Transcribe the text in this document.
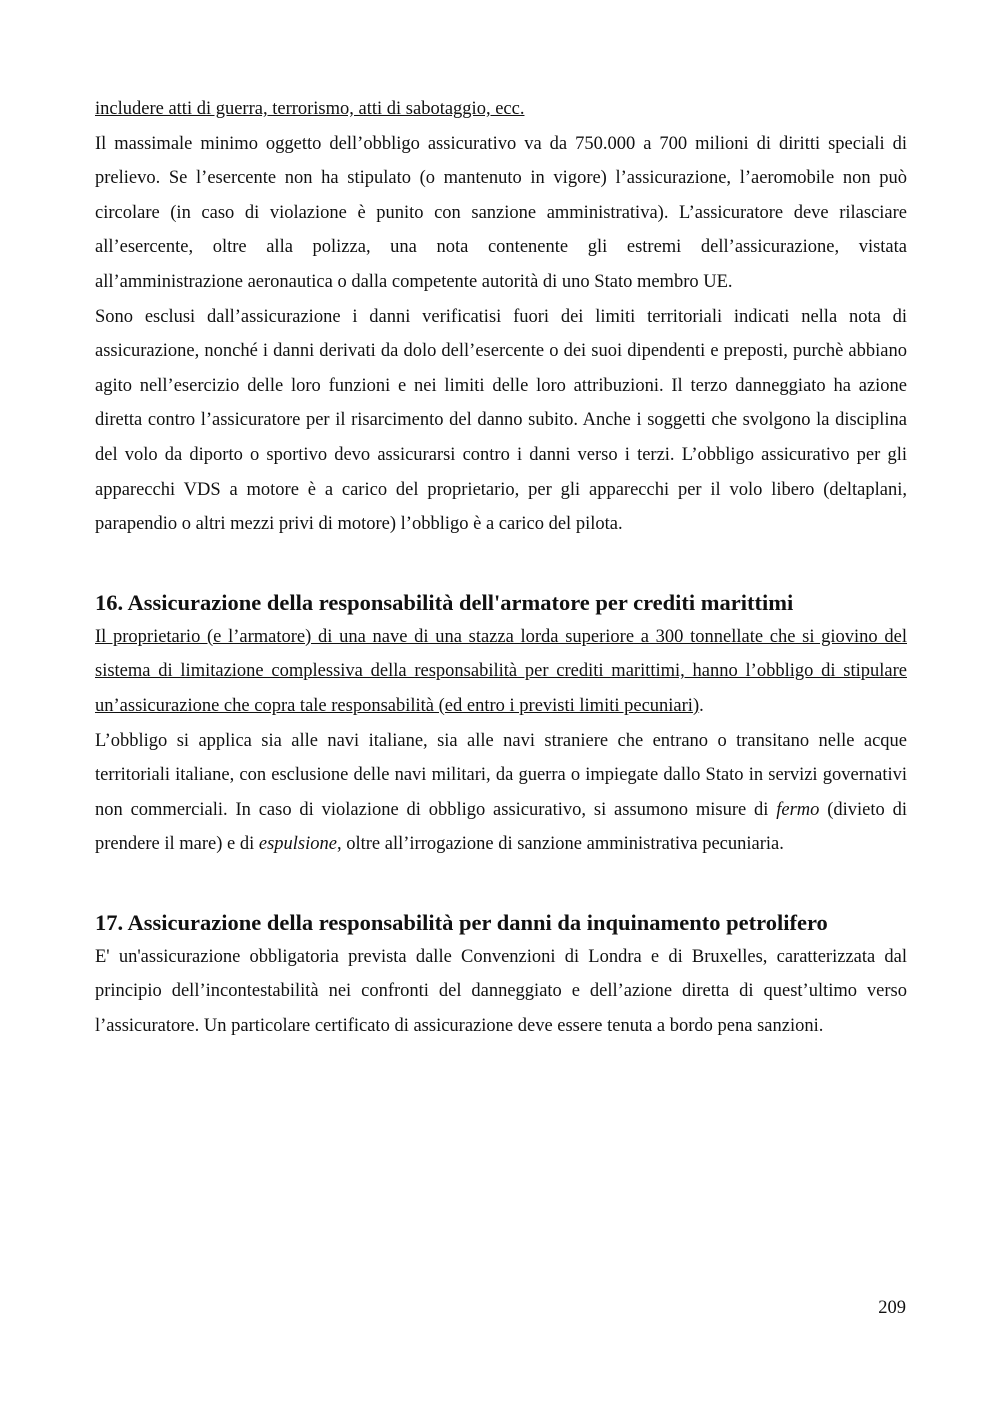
includere atti di guerra, terrorismo, atti di sabotaggio, ecc.

Il massimale minimo oggetto dell’obbligo assicurativo va da 750.000 a 700 milioni di diritti speciali di prelievo. Se l’esercente non ha stipulato (o mantenuto in vigore) l’assicurazione, l’aeromobile non può circolare (in caso di violazione è punito con sanzione amministrativa). L’assicuratore deve rilasciare all’esercente, oltre alla polizza, una nota contenente gli estremi dell’assicurazione, vistata all’amministrazione aeronautica o dalla competente autorità di uno Stato membro UE.

Sono esclusi dall’assicurazione i danni verificatisi fuori dei limiti territoriali indicati nella nota di assicurazione, nonché i danni derivati da dolo dell’esercente o dei suoi dipendenti e preposti, purchè abbiano agito nell’esercizio delle loro funzioni e nei limiti delle loro attribuzioni. Il terzo danneggiato ha azione diretta contro l’assicuratore per il risarcimento del danno subito. Anche i soggetti che svolgono la disciplina del volo da diporto o sportivo devo assicurarsi contro i danni verso i terzi. L’obbligo assicurativo per gli apparecchi VDS a motore è a carico del proprietario, per gli apparecchi per il volo libero (deltaplani, parapendio o altri mezzi privi di motore) l’obbligo è a carico del pilota.

16. Assicurazione della responsabilità dell'armatore per crediti marittimi

Il proprietario (e l’armatore) di una nave di una stazza lorda superiore a 300 tonnellate che si giovino del sistema di limitazione complessiva della responsabilità per crediti marittimi, hanno l’obbligo di stipulare un’assicurazione che copra tale responsabilità (ed entro i previsti limiti pecuniari).

L’obbligo si applica sia alle navi italiane, sia alle navi straniere che entrano o transitano nelle acque territoriali italiane, con esclusione delle navi militari, da guerra o impiegate dallo Stato in servizi governativi non commerciali. In caso di violazione di obbligo assicurativo, si assumono misure di fermo (divieto di prendere il mare) e di espulsione, oltre all’irrogazione di sanzione amministrativa pecuniaria.

17. Assicurazione della responsabilità per danni da inquinamento petrolifero

E' un'assicurazione obbligatoria prevista dalle Convenzioni di Londra e di Bruxelles, caratterizzata dal principio dell’incontestabilità nei confronti del danneggiato e dell’azione diretta di quest’ultimo verso l’assicuratore. Un particolare certificato di assicurazione deve essere tenuta a bordo pena sanzioni.

209
